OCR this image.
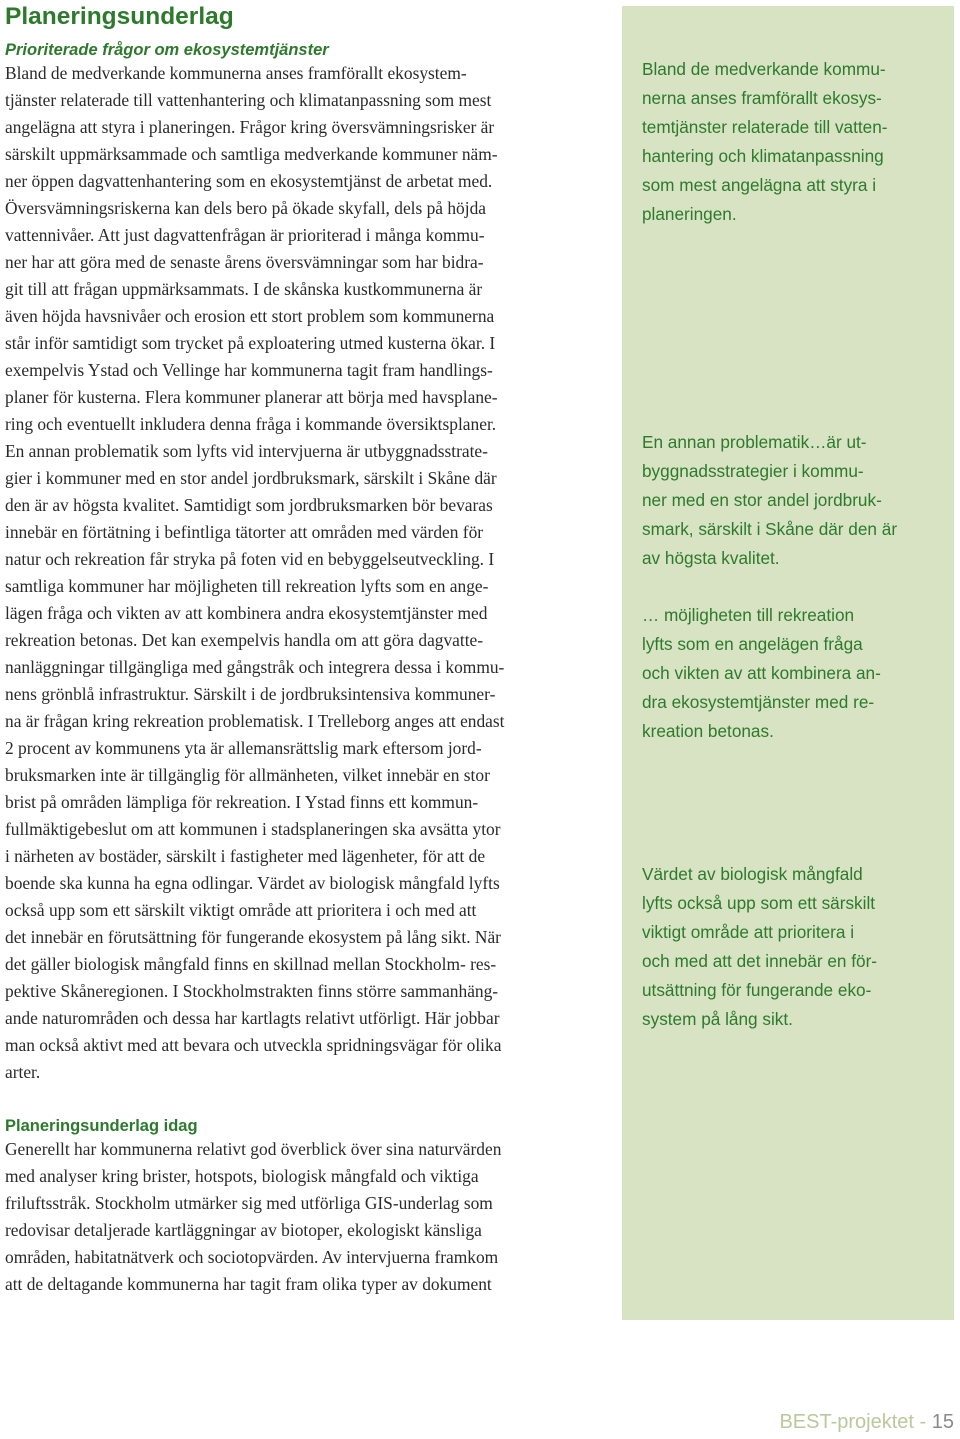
Planeringsunderlag
Prioriterade frågor om ekosystemtjänster

Bland de medverkande kommunerna anses framförallt ekosystem-
tjänster relaterade till vattenhantering och klimatanpassning som mest
angelägna att styra i planeringen. Frågor kring översvämningsrisker är
särskilt uppmärksammade och samtliga medverkande kommuner näm-
ner öppen dagvattenhantering som en ekosystemtjänst de arbetat med.
Översvämningsriskerna kan dels bero på ökade skyfall, dels på höjda
vattennivåer. Att just dagvattenfrågan är prioriterad i många kommu-
ner har att göra med de senaste årens översvämningar som har bidra-
git till att frågan uppmärksammats. I de skånska kustkommunerna är
även höjda havsnivåer och erosion ett stort problem som kommunerna
står inför samtidigt som trycket på exploatering utmed kusterna ökar. I
exempelvis Ystad och Vellinge har kommunerna tagit fram handlings-
planer för kusterna. Flera kommuner planerar att börja med havsplane-
ring och eventuellt inkludera denna fråga i kommande översiktsplaner.
En annan problematik som lyfts vid intervjuerna är utbyggnadsstrate-
gier i kommuner med en stor andel jordbruksmark, särskilt i Skåne där
den är av högsta kvalitet. Samtidigt som jordbruksmarken bör bevaras
innebär en förtätning i befintliga tätorter att områden med värden för
natur och rekreation får stryka på foten vid en bebyggelseutveckling. I
samtliga kommuner har möjligheten till rekreation lyfts som en ange-
lägen fråga och vikten av att kombinera andra ekosystemtjänster med
rekreation betonas. Det kan exempelvis handla om att göra dagvatte-
nanläggningar tillgängliga med gångstråk och integrera dessa i kommu-
nens grönblå infrastruktur. Särskilt i de jordbruksintensiva kommuner-
na är frågan kring rekreation problematisk. I Trelleborg anges att endast
2 procent av kommunens yta är allemansrättslig mark eftersom jord-
bruksmarken inte är tillgänglig för allmänheten, vilket innebär en stor
brist på områden lämpliga för rekreation. I Ystad finns ett kommun-
fullmäktigebeslut om att kommunen i stadsplaneringen ska avsätta ytor
i närheten av bostäder, särskilt i fastigheter med lägenheter, för att de
boende ska kunna ha egna odlingar. Värdet av biologisk mångfald lyfts
också upp som ett särskilt viktigt område att prioritera i och med att
det innebär en förutsättning för fungerande ekosystem på lång sikt. När
det gäller biologisk mångfald finns en skillnad mellan Stockholm- res-
pektive Skåneregionen. I Stockholmstrakten finns större sammanhäng-
ande naturområden och dessa har kartlagts relativt utförligt. Här jobbar
man också aktivt med att bevara och utveckla spridningsvägar för olika
arter.

Planeringsunderlag idag

Generellt har kommunerna relativt god överblick över sina naturvärden
med analyser kring brister, hotspots, biologisk mångfald och viktiga
friluftsstråk. Stockholm utmärker sig med utförliga GIS-underlag som
redovisar detaljerade kartläggningar av biotoper, ekologiskt känsliga
områden, habitatnätverk och sociotopvärden. Av intervjuerna framkom
att de deltagande kommunerna har tagit fram olika typer av dokument

Bland de medverkande kommu-
nerna anses framförallt ekosys-
temtjänster relaterade till vatten-
hantering och klimatanpassning
som mest angelägna att styra i
planeringen.
En annan problematik…är ut-
byggnadsstrategier i kommu-
ner med en stor andel jordbruk-
smark, särskilt i Skåne där den är
av högsta kvalitet.
… möjligheten till rekreation
lyfts som en angelägen fråga
och vikten av att kombinera an-
dra ekosystemtjänster med re-
kreation betonas.
Värdet av biologisk mångfald
lyfts också upp som ett särskilt
viktigt område att prioritera i
och med att det innebär en för-
utsättning för fungerande eko-
system på lång sikt.
BEST-projektet - 15
